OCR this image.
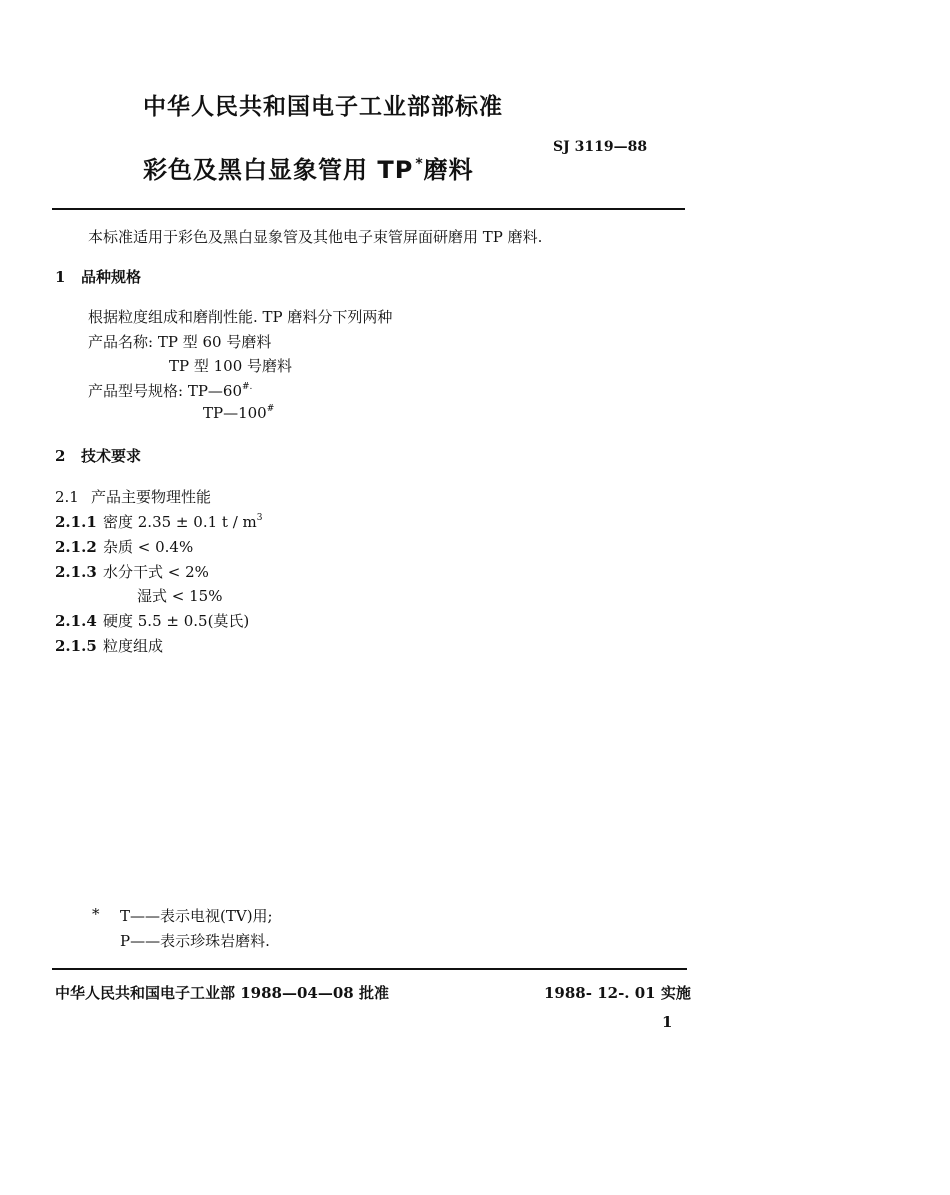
中华人民共和国电子工业部部标准
彩色及黑白显象管用 TP *磨料
SJ 3119—88
本标准适用于彩色及黑白显象管及其他电子束管屏面研磨用 TP 磨料.
1 品种规格
根据粒度组成和磨削性能. TP 磨料分下列两种
产品名称: TP 型 60 号磨料
TP 型 100 号磨料
产品型号规格: TP—60#.
TP—100#
2 技术要求
2.1 产品主要物理性能
2.1.1 密度 2.35 ± 0.1 t / $m^3$
2.1.2 杂质 < 0.4%
2.1.3 水分干式 < 2%
湿式 < 15%
2.1.4 硬度 5.5 ± 0.5(莫氏)
2.1.5 粒度组成
* T——表示电视(TV)用;
P——表示珍珠岩磨料.
中华人民共和国电子工业部 1988—04—08 批准	1988- 12-. 01 实施
1
